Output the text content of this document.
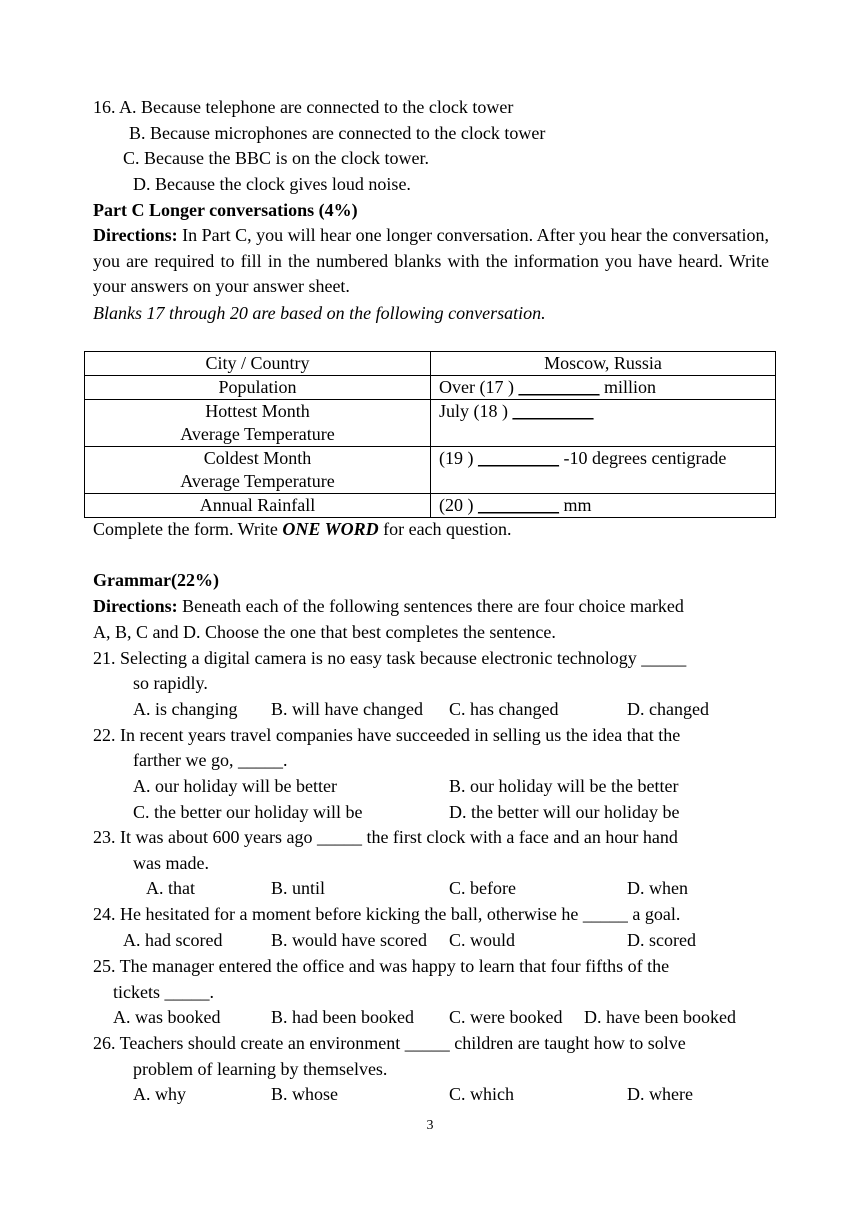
16. A. Because telephone are connected to the clock tower
B. Because microphones are connected to the clock tower
C. Because the BBC is on the clock tower.
D. Because the clock gives loud noise.
Part C Longer conversations (4%)
Directions: In Part C, you will hear one longer conversation. After you hear the conversation, you are required to fill in the numbered blanks with the information you have heard. Write your answers on your answer sheet.
Blanks 17 through 20 are based on the following conversation.
City / Country	Moscow, Russia
Population	Over (17 ) _________ million
Hottest Month
Average Temperature	July (18 ) _________
Coldest Month
Average Temperature	(19 ) _________ -10 degrees centigrade
Annual Rainfall	(20 ) _________ mm
Complete the form. Write ONE WORD for each question.
Grammar(22%)
Directions: Beneath each of the following sentences there are four choice marked
A, B, C and D. Choose the one that best completes the sentence.
21. Selecting a digital camera is no easy task because electronic technology _____
so rapidly.
A. is changing B. will have changed C. has changed	D. changed
22. In recent years travel companies have succeeded in selling us the idea that the
farther we go, _____.
A. our holiday will be better	B. our holiday will be the better
C. the better our holiday will be	D. the better will our holiday be
23. It was about 600 years ago _____ the first clock with a face and an hour hand
was made.
A. that	B. until	C. before	D. when
24. He hesitated for a moment before kicking the ball, otherwise he _____ a goal.
A. had scored	B. would have scored C. would	D. scored
25. The manager entered the office and was happy to learn that four fifths of the
tickets _____.
A. was booked	B. had been booked C. were booked D. have been booked
26. Teachers should create an environment _____ children are taught how to solve
problem of learning by themselves.
A. why	B. whose	C. which	D. where
3
